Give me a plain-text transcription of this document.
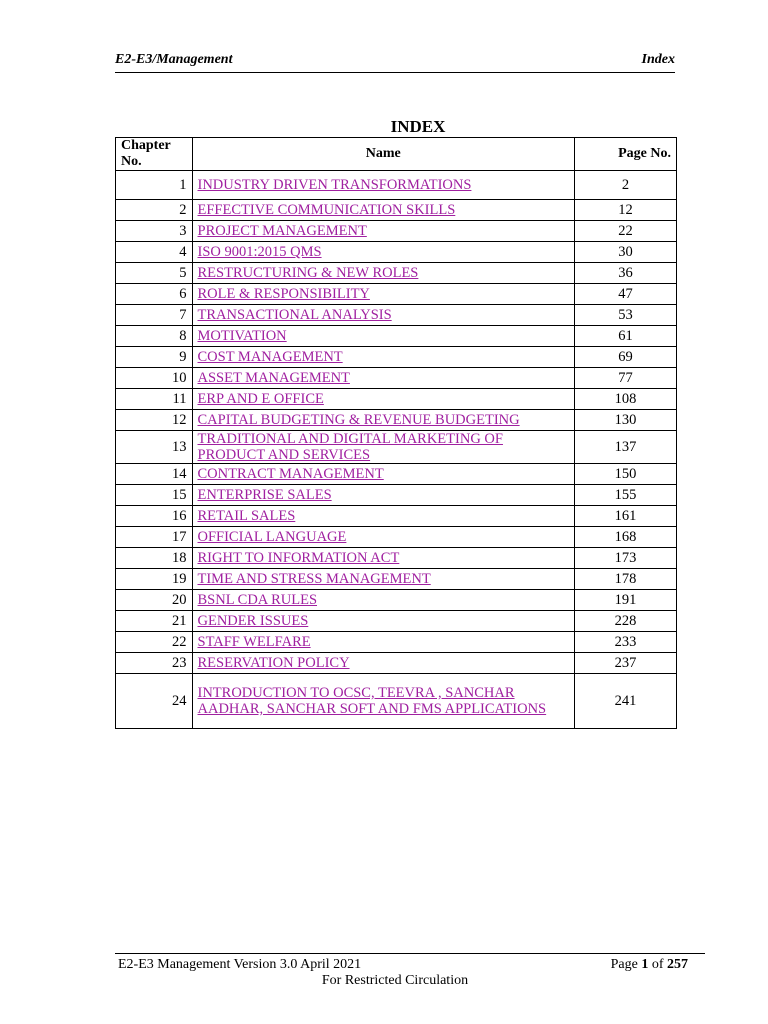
E2-E3/Management	Index
INDEX
Chapter No.	Name	Page No.
1	INDUSTRY DRIVEN TRANSFORMATIONS	2
2	EFFECTIVE COMMUNICATION SKILLS	12
3	PROJECT MANAGEMENT	22
4	ISO 9001:2015 QMS	30
5	RESTRUCTURING & NEW ROLES	36
6	ROLE & RESPONSIBILITY	47
7	TRANSACTIONAL ANALYSIS	53
8	MOTIVATION	61
9	COST MANAGEMENT	69
10	ASSET MANAGEMENT	77
11	ERP AND E OFFICE	108
12	CAPITAL BUDGETING & REVENUE BUDGETING	130
13	TRADITIONAL AND DIGITAL MARKETING OF PRODUCT AND SERVICES	137
14	CONTRACT MANAGEMENT	150
15	ENTERPRISE SALES	155
16	RETAIL SALES	161
17	OFFICIAL LANGUAGE	168
18	RIGHT TO INFORMATION ACT	173
19	TIME AND STRESS MANAGEMENT	178
20	BSNL CDA RULES	191
21	GENDER ISSUES	228
22	STAFF WELFARE	233
23	RESERVATION POLICY	237
24	INTRODUCTION TO OCSC, TEEVRA , SANCHAR AADHAR, SANCHAR SOFT AND FMS APPLICATIONS	241
E2-E3 Management Version 3.0 April 2021	Page 1 of 257
For Restricted Circulation
